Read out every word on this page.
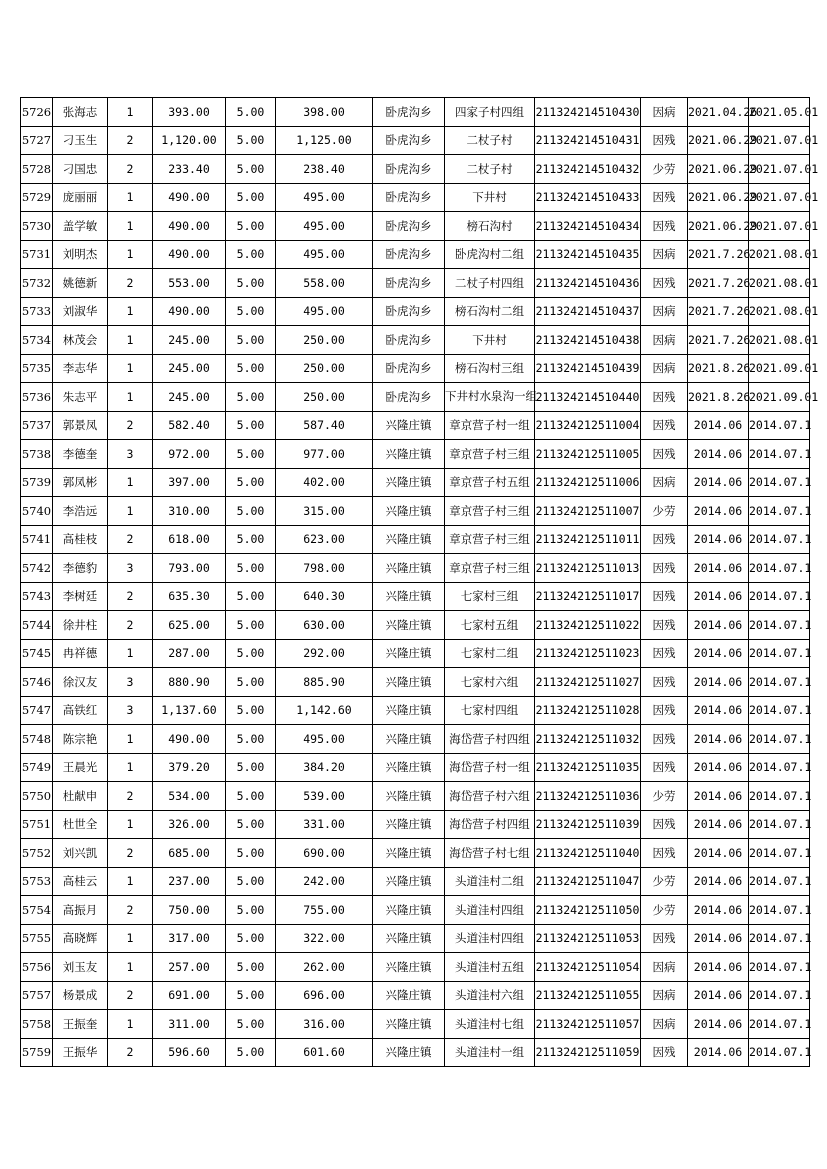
5726	张海志	1	393.00	5.00	398.00	卧虎沟乡	四家子村四组	211324214510430	因病	2021.04.26	2021.05.01
5727	刁玉生	2	1,120.00	5.00	1,125.00	卧虎沟乡	二杖子村	211324214510431	因残	2021.06.29	2021.07.01
5728	刁国忠	2	233.40	5.00	238.40	卧虎沟乡	二杖子村	211324214510432	少劳	2021.06.29	2021.07.01
5729	庞丽丽	1	490.00	5.00	495.00	卧虎沟乡	下井村	211324214510433	因残	2021.06.29	2021.07.01
5730	盖学敏	1	490.00	5.00	495.00	卧虎沟乡	榜石沟村	211324214510434	因残	2021.06.29	2021.07.01
5731	刘明杰	1	490.00	5.00	495.00	卧虎沟乡	卧虎沟村二组	211324214510435	因病	2021.7.26	2021.08.01
5732	姚德新	2	553.00	5.00	558.00	卧虎沟乡	二杖子村四组	211324214510436	因残	2021.7.26	2021.08.01
5733	刘淑华	1	490.00	5.00	495.00	卧虎沟乡	榜石沟村二组	211324214510437	因病	2021.7.26	2021.08.01
5734	林茂会	1	245.00	5.00	250.00	卧虎沟乡	下井村	211324214510438	因病	2021.7.26	2021.08.01
5735	李志华	1	245.00	5.00	250.00	卧虎沟乡	榜石沟村三组	211324214510439	因病	2021.8.26	2021.09.01
5736	朱志平	1	245.00	5.00	250.00	卧虎沟乡	下井村水泉沟一组	211324214510440	因残	2021.8.26	2021.09.01
5737	郭景凤	2	582.40	5.00	587.40	兴隆庄镇	章京营子村一组	211324212511004	因残	2014.06	2014.07.1
5738	李德奎	3	972.00	5.00	977.00	兴隆庄镇	章京营子村三组	211324212511005	因残	2014.06	2014.07.1
5739	郭凤彬	1	397.00	5.00	402.00	兴隆庄镇	章京营子村五组	211324212511006	因病	2014.06	2014.07.1
5740	李浩远	1	310.00	5.00	315.00	兴隆庄镇	章京营子村三组	211324212511007	少劳	2014.06	2014.07.1
5741	高桂枝	2	618.00	5.00	623.00	兴隆庄镇	章京营子村三组	211324212511011	因残	2014.06	2014.07.1
5742	李德豹	3	793.00	5.00	798.00	兴隆庄镇	章京营子村三组	211324212511013	因残	2014.06	2014.07.1
5743	李树廷	2	635.30	5.00	640.30	兴隆庄镇	七家村三组	211324212511017	因残	2014.06	2014.07.1
5744	徐井柱	2	625.00	5.00	630.00	兴隆庄镇	七家村五组	211324212511022	因残	2014.06	2014.07.1
5745	冉祥德	1	287.00	5.00	292.00	兴隆庄镇	七家村二组	211324212511023	因残	2014.06	2014.07.1
5746	徐汉友	3	880.90	5.00	885.90	兴隆庄镇	七家村六组	211324212511027	因残	2014.06	2014.07.1
5747	高铁红	3	1,137.60	5.00	1,142.60	兴隆庄镇	七家村四组	211324212511028	因残	2014.06	2014.07.1
5748	陈宗艳	1	490.00	5.00	495.00	兴隆庄镇	海岱营子村四组	211324212511032	因残	2014.06	2014.07.1
5749	王晨光	1	379.20	5.00	384.20	兴隆庄镇	海岱营子村一组	211324212511035	因残	2014.06	2014.07.1
5750	杜献申	2	534.00	5.00	539.00	兴隆庄镇	海岱营子村六组	211324212511036	少劳	2014.06	2014.07.1
5751	杜世全	1	326.00	5.00	331.00	兴隆庄镇	海岱营子村四组	211324212511039	因残	2014.06	2014.07.1
5752	刘兴凯	2	685.00	5.00	690.00	兴隆庄镇	海岱营子村七组	211324212511040	因残	2014.06	2014.07.1
5753	高桂云	1	237.00	5.00	242.00	兴隆庄镇	头道洼村二组	211324212511047	少劳	2014.06	2014.07.1
5754	高振月	2	750.00	5.00	755.00	兴隆庄镇	头道洼村四组	211324212511050	少劳	2014.06	2014.07.1
5755	高晓辉	1	317.00	5.00	322.00	兴隆庄镇	头道洼村四组	211324212511053	因残	2014.06	2014.07.1
5756	刘玉友	1	257.00	5.00	262.00	兴隆庄镇	头道洼村五组	211324212511054	因病	2014.06	2014.07.1
5757	杨景成	2	691.00	5.00	696.00	兴隆庄镇	头道洼村六组	211324212511055	因病	2014.06	2014.07.1
5758	王振奎	1	311.00	5.00	316.00	兴隆庄镇	头道洼村七组	211324212511057	因病	2014.06	2014.07.1
5759	王振华	2	596.60	5.00	601.60	兴隆庄镇	头道洼村一组	211324212511059	因残	2014.06	2014.07.1
